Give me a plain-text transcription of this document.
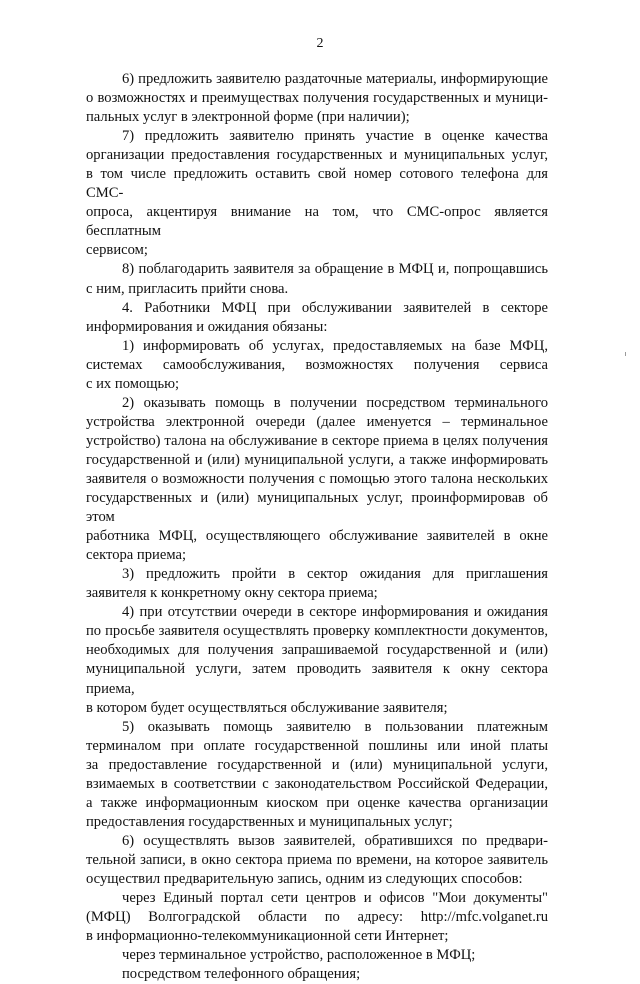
2
6) предложить заявителю раздаточные материалы, информирующие
о возможностях и преимуществах получения государственных и муници-
пальных услуг в электронной форме (при наличии);
7) предложить заявителю принять участие в оценке качества
организации предоставления государственных и муниципальных услуг,
в том числе предложить оставить свой номер сотового телефона для СМС-
опроса, акцентируя внимание на том, что СМС-опрос является бесплатным
сервисом;
8) поблагодарить заявителя за обращение в МФЦ и, попрощавшись
с ним, пригласить прийти снова.
4. Работники МФЦ при обслуживании заявителей в секторе
информирования и ожидания обязаны:
1) информировать об услугах, предоставляемых на базе МФЦ,
системах самообслуживания, возможностях получения сервиса
с их помощью;
2) оказывать помощь в получении посредством терминального
устройства электронной очереди (далее именуется – терминальное
устройство) талона на обслуживание в секторе приема в целях получения
государственной и (или) муниципальной услуги, а также информировать
заявителя о возможности получения с помощью этого талона нескольких
государственных и (или) муниципальных услуг, проинформировав об этом
работника МФЦ, осуществляющего обслуживание заявителей в окне
сектора приема;
3) предложить пройти в сектор ожидания для приглашения
заявителя к конкретному окну сектора приема;
4) при отсутствии очереди в секторе информирования и ожидания
по просьбе заявителя осуществлять проверку комплектности документов,
необходимых для получения запрашиваемой государственной и (или)
муниципальной услуги, затем проводить заявителя к окну сектора приема,
в котором будет осуществляться обслуживание заявителя;
5) оказывать помощь заявителю в пользовании платежным
терминалом при оплате государственной пошлины или иной платы
за предоставление государственной и (или) муниципальной услуги,
взимаемых в соответствии с законодательством Российской Федерации,
а также информационным киоском при оценке качества организации
предоставления государственных и муниципальных услуг;
6) осуществлять вызов заявителей, обратившихся по предвари-
тельной записи, в окно сектора приема по времени, на которое заявитель
осуществил предварительную запись, одним из следующих способов:
через Единый портал сети центров и офисов "Мои документы"
(МФЦ) Волгоградской области по адресу: http://mfc.volganet.ru
в информационно-телекоммуникационной сети Интернет;
через терминальное устройство, расположенное в МФЦ;
посредством телефонного обращения;
